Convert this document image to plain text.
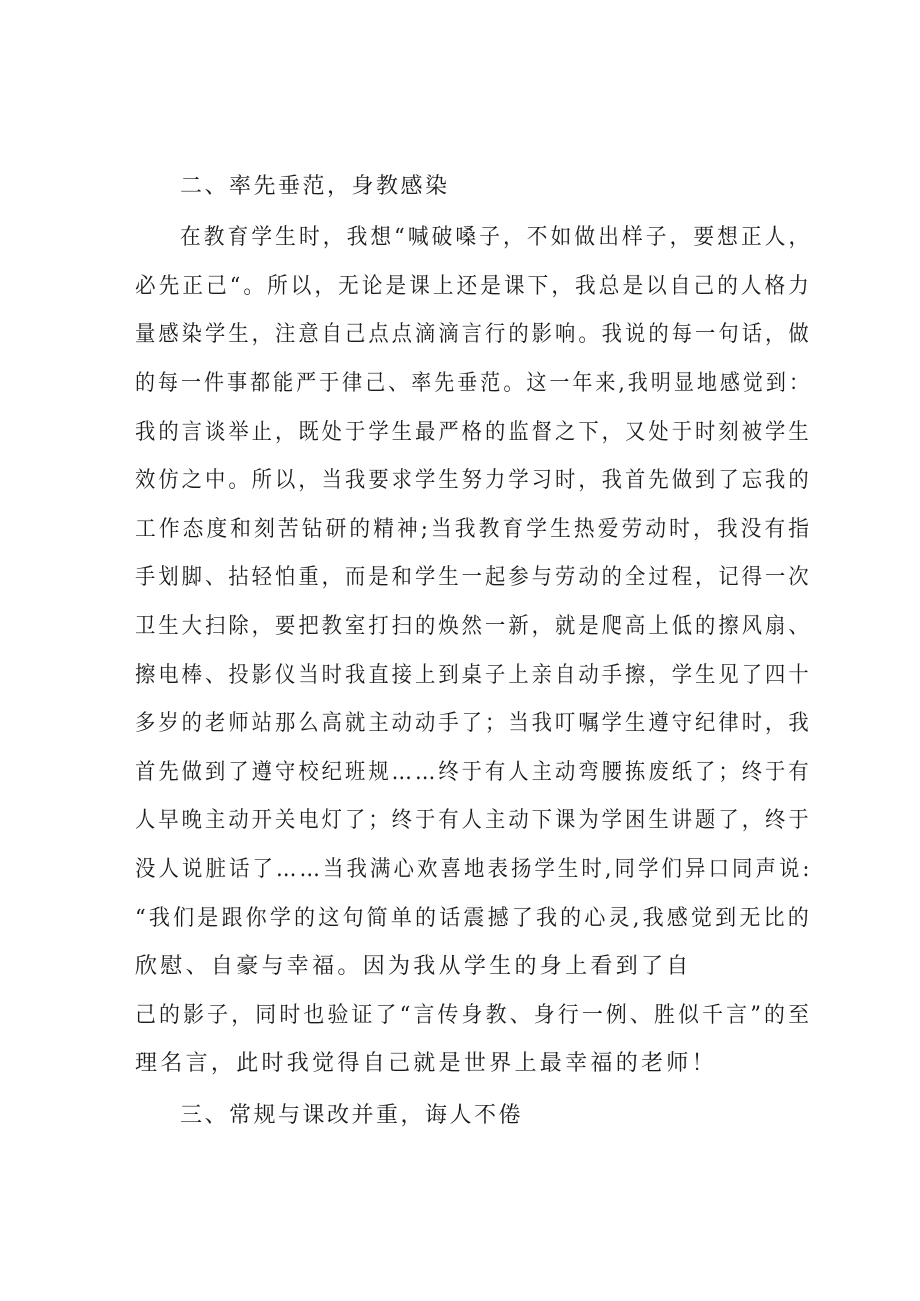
二、率先垂范，身教感染
在教育学生时，我想“喊破嗓子，不如做出样子，要想正人，
必先正己“。所以，无论是课上还是课下，我总是以自己的人格力
量感染学生，注意自己点点滴滴言行的影响。我说的每一句话，做
的每一件事都能严于律己、率先垂范。这一年来,我明显地感觉到：
我的言谈举止，既处于学生最严格的监督之下，又处于时刻被学生
效仿之中。所以，当我要求学生努力学习时，我首先做到了忘我的
工作态度和刻苦钻研的精神;当我教育学生热爱劳动时，我没有指
手划脚、拈轻怕重，而是和学生一起参与劳动的全过程，记得一次
卫生大扫除，要把教室打扫的焕然一新，就是爬高上低的擦风扇、
擦电棒、投影仪当时我直接上到桌子上亲自动手擦，学生见了四十
多岁的老师站那么高就主动动手了；当我叮嘱学生遵守纪律时，我
首先做到了遵守校纪班规……终于有人主动弯腰拣废纸了；终于有
人早晚主动开关电灯了；终于有人主动下课为学困生讲题了，终于
没人说脏话了……当我满心欢喜地表扬学生时,同学们异口同声说:
“我们是跟你学的这句简单的话震撼了我的心灵,我感觉到无比的
欣慰、自豪与幸福。因为我从学生的身上看到了自
己的影子，同时也验证了“言传身教、身行一例、胜似千言”的至
理名言，此时我觉得自己就是世界上最幸福的老师！
三、常规与课改并重，诲人不倦
